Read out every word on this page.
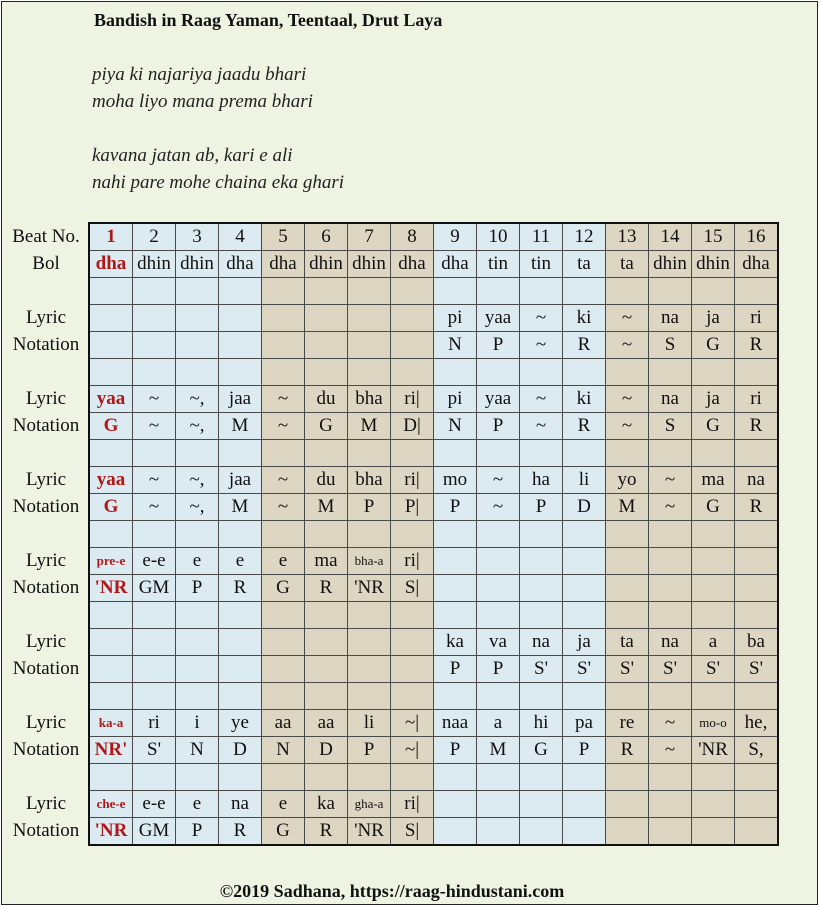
Bandish in Raag Yaman, Teentaal, Drut Laya
piya ki najariya jaadu bhari
moha liyo mana prema bhari
kavana jatan ab, kari e ali
nahi pare mohe chaina eka ghari
Beat No.	1	2	3	4	5	6	7	8	9	10	11	12	13	14	15	16
Bol	dha	dhin	dhin	dha	dha	dhin	dhin	dha	dha	tin	tin	ta	ta	dhin	dhin	dha

Lyric									pi	yaa	~	ki	~	na	ja	ri
Notation									N	P	~	R	~	S	G	R

Lyric	yaa	~	~,	jaa	~	du	bha	ri|	pi	yaa	~	ki	~	na	ja	ri
Notation	G	~	~,	M	~	G	M	D|	N	P	~	R	~	S	G	R

Lyric	yaa	~	~,	jaa	~	du	bha	ri|	mo	~	ha	li	yo	~	ma	na
Notation	G	~	~,	M	~	M	P	P|	P	~	P	D	M	~	G	R

Lyric	pre-e	e-e	e	e	e	ma	bha-a	ri|								
Notation	'NR	GM	P	R	G	R	'NR	S|								

Lyric									ka	va	na	ja	ta	na	a	ba
Notation									P	P	S'	S'	S'	S'	S'	S'

Lyric	ka-a	ri	i	ye	aa	aa	li	~|	naa	a	hi	pa	re	~	mo-o	he,
Notation	NR'	S'	N	D	N	D	P	~|	P	M	G	P	R	~	'NR	S,

Lyric	che-e	e-e	e	na	e	ka	gha-a	ri|								
Notation	'NR	GM	P	R	G	R	'NR	S|								
©2019 Sadhana, https://raag-hindustani.com
